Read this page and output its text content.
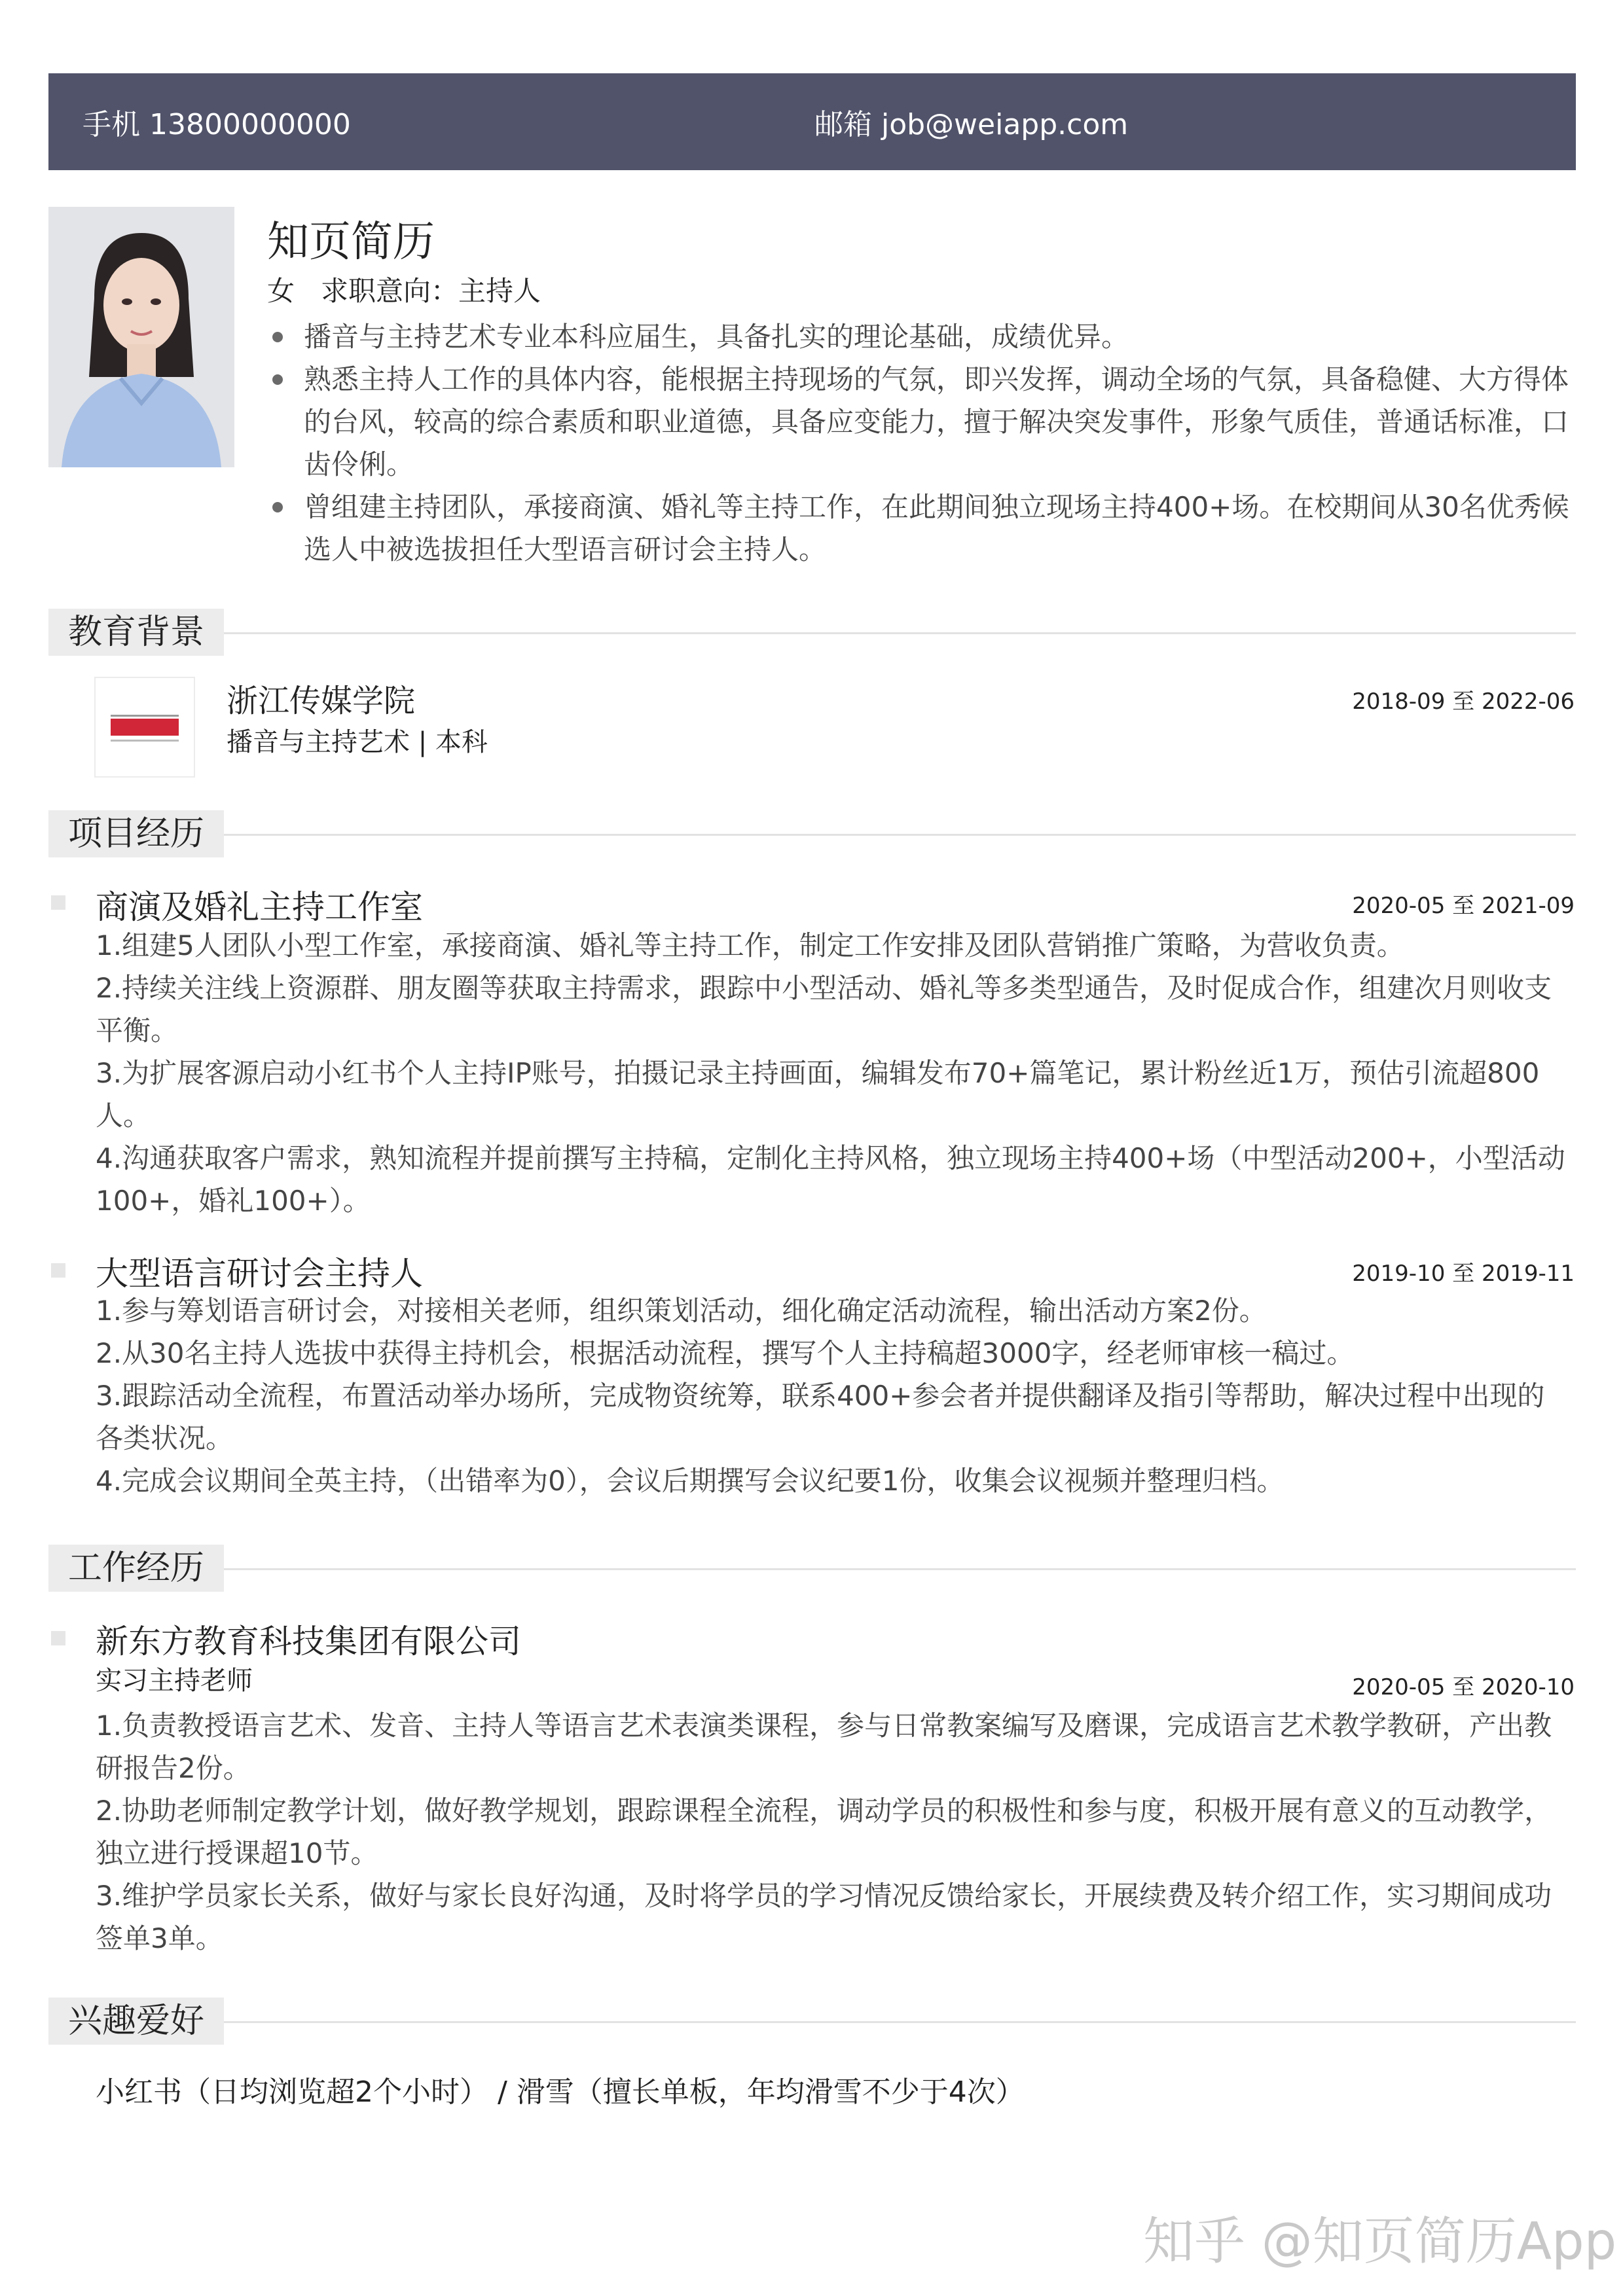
手机 13800000000	邮箱 job@weiapp.com
知页简历
女 求职意向：主持人
播音与主持艺术专业本科应届生，具备扎实的理论基础，成绩优异。
熟悉主持人工作的具体内容，能根据主持现场的气氛，即兴发挥，调动全场的气氛，具备稳健、大方得体的台风，较高的综合素质和职业道德，具备应变能力，擅于解决突发事件，形象气质佳，普通话标准，口齿伶俐。
曾组建主持团队，承接商演、婚礼等主持工作，在此期间独立现场主持400+场。在校期间从30名优秀候选人中被选拔担任大型语言研讨会主持人。
教育背景
浙江传媒学院
播音与主持艺术 | 本科
2018-09 至 2022-06
项目经历
商演及婚礼主持工作室	2020-05 至 2021-09

1.组建5人团队小型工作室，承接商演、婚礼等主持工作，制定工作安排及团队营销推广策略，为营收负责。

2.持续关注线上资源群、朋友圈等获取主持需求，跟踪中小型活动、婚礼等多类型通告，及时促成合作，组建次月则收支平衡。

3.为扩展客源启动小红书个人主持IP账号，拍摄记录主持画面，编辑发布70+篇笔记，累计粉丝近1万，预估引流超800人。

4.沟通获取客户需求，熟知流程并提前撰写主持稿，定制化主持风格，独立现场主持400+场（中型活动200+，小型活动100+，婚礼100+）。

大型语言研讨会主持人	2019-10 至 2019-11

1.参与筹划语言研讨会，对接相关老师，组织策划活动，细化确定活动流程，输出活动方案2份。

2.从30名主持人选拔中获得主持机会，根据活动流程，撰写个人主持稿超3000字，经老师审核一稿过。

3.跟踪活动全流程，布置活动举办场所，完成物资统筹，联系400+参会者并提供翻译及指引等帮助，解决过程中出现的各类状况。

4.完成会议期间全英主持，（出错率为0），会议后期撰写会议纪要1份，收集会议视频并整理归档。

工作经历
新东方教育科技集团有限公司
实习主持老师	2020-05 至 2020-10

1.负责教授语言艺术、发音、主持人等语言艺术表演类课程，参与日常教案编写及磨课，完成语言艺术教学教研，产出教研报告2份。

2.协助老师制定教学计划，做好教学规划，跟踪课程全流程，调动学员的积极性和参与度，积极开展有意义的互动教学，独立进行授课超10节。

3.维护学员家长关系，做好与家长良好沟通，及时将学员的学习情况反馈给家长，开展续费及转介绍工作，实习期间成功签单3单。

兴趣爱好
小红书（日均浏览超2个小时） / 滑雪（擅长单板，年均滑雪不少于4次）
知乎 @知页简历App
